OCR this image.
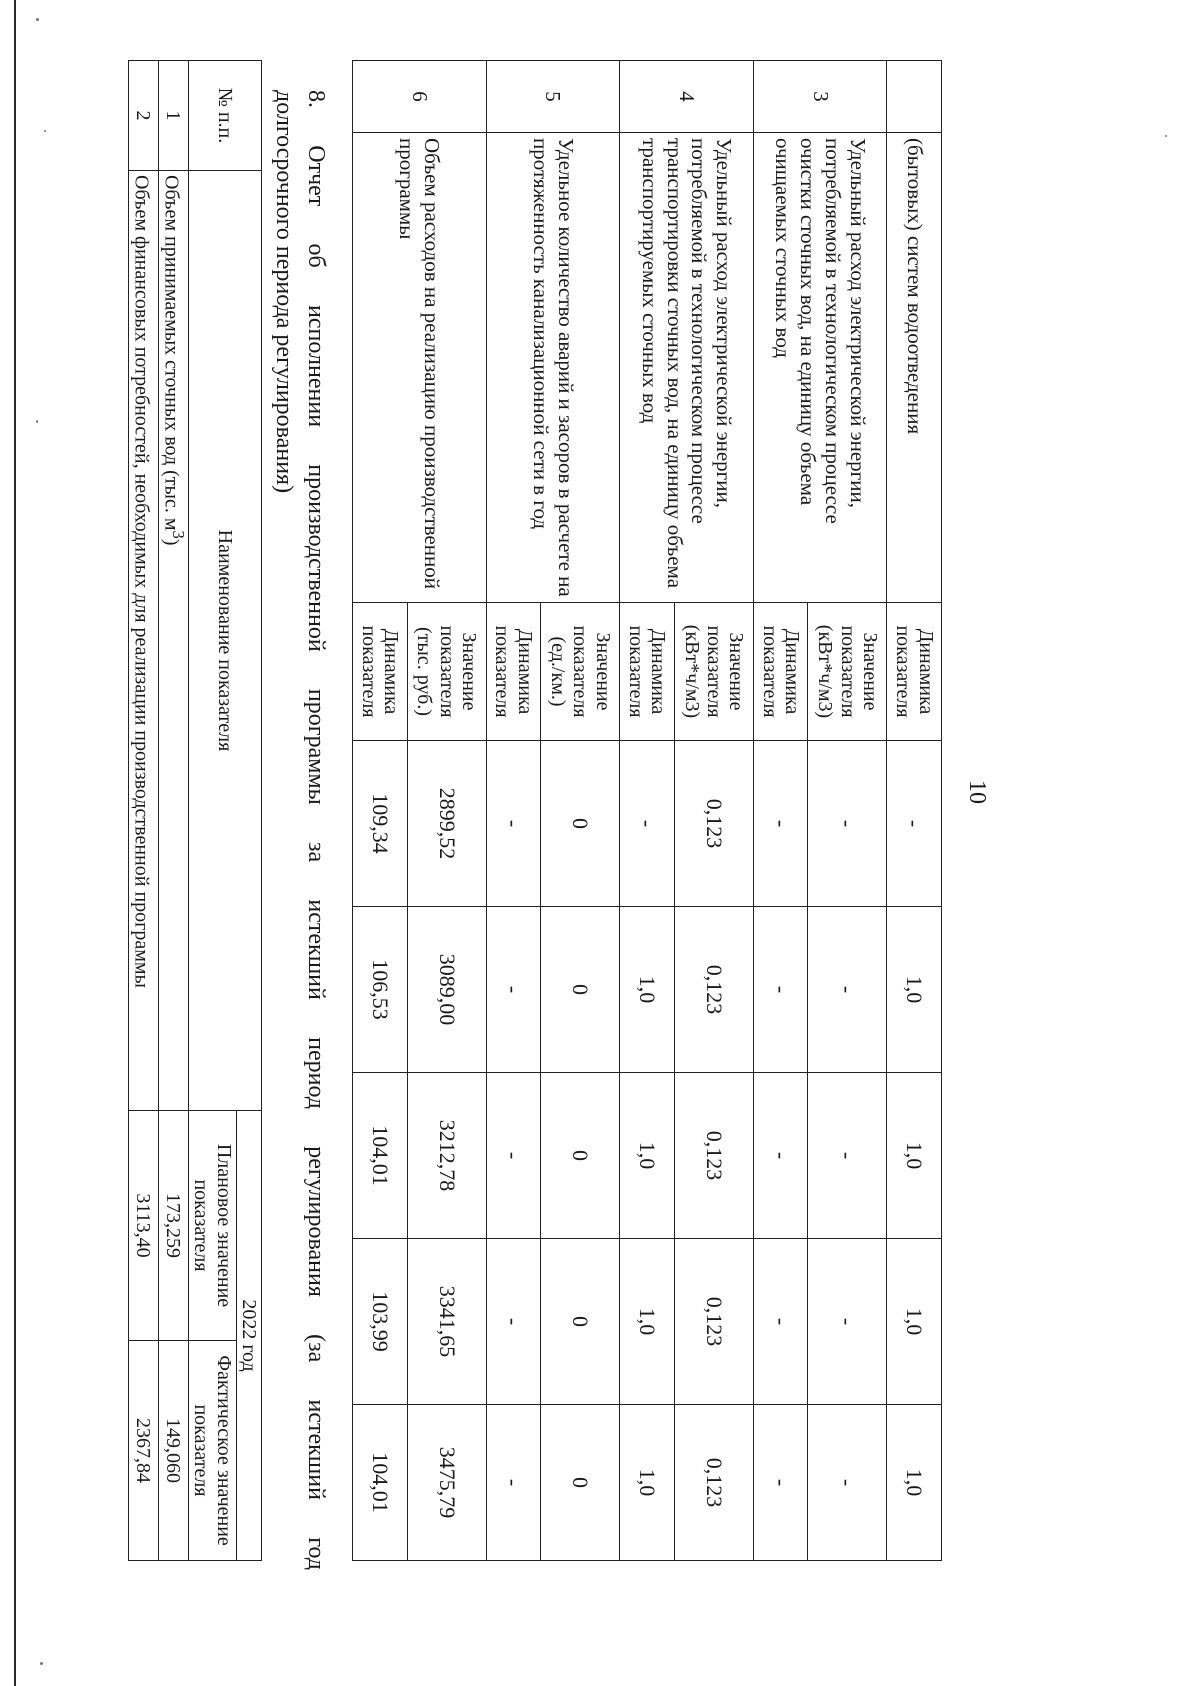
10
	(бытовых) систем водоотведения	Динамика показателя	-	1,0	1,0	1,0	1,0
3	Удельный расход электрической энергии, потребляемой в технологическом процессе очистки сточных вод, на единицу объема очищаемых сточных вод	Значение показателя (кВт*ч/м3)	-	-	-	-	-
		Динамика показателя	-	-	-	-	-
4	Удельный расход электрической энергии, потребляемой в технологическом процессе транспортировки сточных вод, на единицу объема транспортируемых сточных вод	Значение показателя (кВт*ч/м3)	0,123	0,123	0,123	0,123	0,123
		Динамика показателя	-	1,0	1,0	1,0	1,0
5	Удельное количество аварий и засоров в расчете на протяженность канализационной сети в год	Значение показателя (ед./км.)	0	0	0	0	0
		Динамика показателя	-	-	-	-	-
6	Объем расходов на реализацию производственной программы	Значение показателя (тыс. руб.)	2899,52	3089,00	3212,78	3341,65	3475,79
		Динамика показателя	109,34	106,53	104,01	103,99	104,01
8. Отчет об исполнении производственной программы за истекший период регулирования (за истекший год
долгосрочного периода регулирования)
№ п.п.	Наименование показателя	2022 год	
		Плановое значение показателя	Фактическое значение показателя
1	Объем принимаемых сточных вод (тыс. $м^3$)	173,259	149,060
2	Объем финансовых потребностей, необходимых для реализации производственной программы	3113,40	2367,84
